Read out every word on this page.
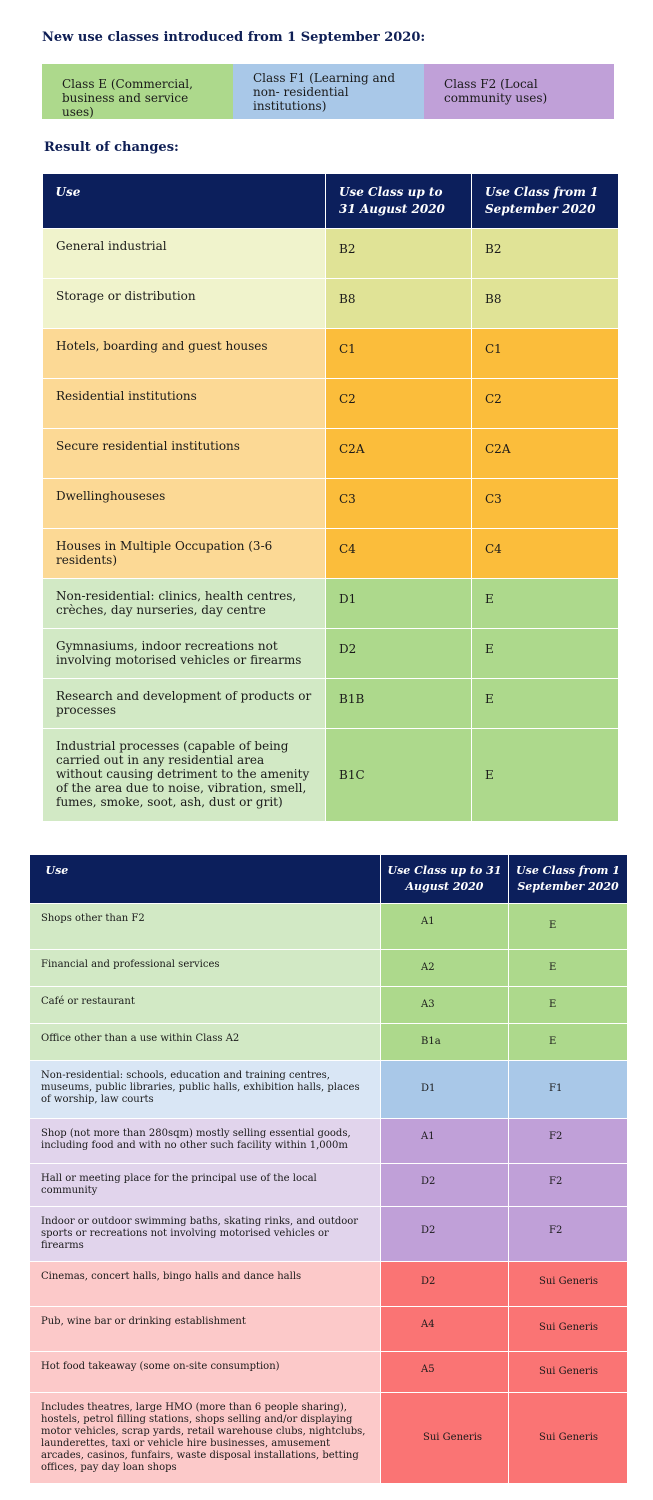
New use classes introduced from 1 September 2020:
Class E (Commercial, business and service uses)
Class F1 (Learning and non- residential institutions)
Class F2 (Local community uses)
Result of changes:
Use	Use Class up to 31 August 2020	Use Class from 1 September 2020
General industrial	B2	B2
Storage or distribution	B8	B8
Hotels, boarding and guest houses	C1	C1
Residential institutions	C2	C2
Secure residential institutions	C2A	C2A
Dwellinghouseses	C3	C3
Houses in Multiple Occupation (3-6 residents)	C4	C4
Non-residential: clinics, health centres, crèches, day nurseries, day centre	D1	E
Gymnasiums, indoor recreations not involving motorised vehicles or firearms	D2	E
Research and development of products or processes	B1B	E
Industrial processes (capable of being carried out in any residential area without causing detriment to the amenity of the area due to noise, vibration, smell, fumes, smoke, soot, ash, dust or grit)	B1C	E
Use	Use Class up to 31 August 2020	Use Class from 1 September 2020
Shops other than F2	A1	E
Financial and professional services	A2	E
Café or restaurant	A3	E
Office other than a use within Class A2	B1a	E
Non-residential: schools, education and training centres, museums, public libraries, public halls, exhibition halls, places of worship, law courts	D1	F1
Shop (not more than 280sqm) mostly selling essential goods, including food and with no other such facility within 1,000m	A1	F2
Hall or meeting place for the principal use of the local community	D2	F2
Indoor or outdoor swimming baths, skating rinks, and outdoor sports or recreations not involving motorised vehicles or firearms	D2	F2
Cinemas, concert halls, bingo halls and dance halls	D2	Sui Generis
Pub, wine bar or drinking establishment	A4	Sui Generis
Hot food takeaway (some on-site consumption)	A5	Sui Generis
Includes theatres, large HMO (more than 6 people sharing), hostels, petrol filling stations, shops selling and/or displaying motor vehicles, scrap yards, retail warehouse clubs, nightclubs, launderettes, taxi or vehicle hire businesses, amusement arcades, casinos, funfairs, waste disposal installations, betting offices, pay day loan shops	Sui Generis	Sui Generis
